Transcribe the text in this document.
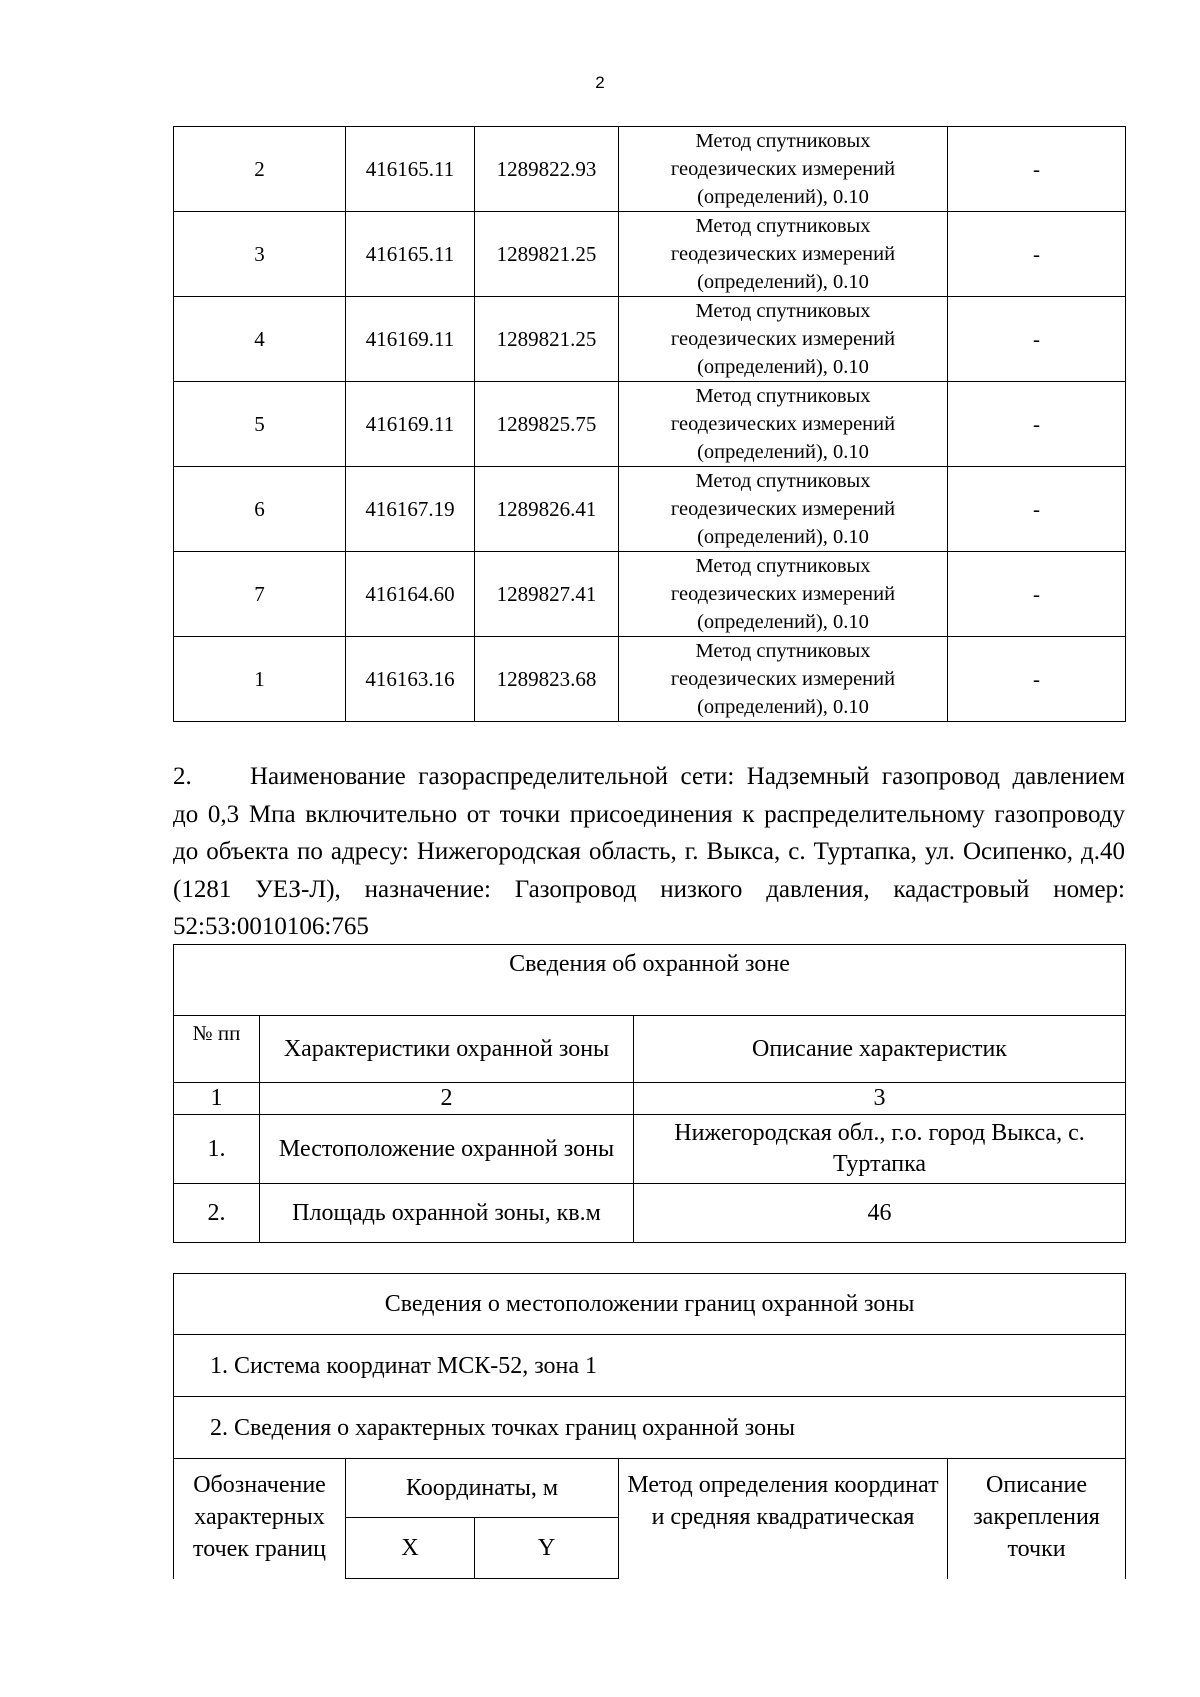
2
2	416165.11	1289822.93	Метод спутниковых
геодезических измерений
(определений), 0.10	-
3	416165.11	1289821.25	Метод спутниковых
геодезических измерений
(определений), 0.10	-
4	416169.11	1289821.25	Метод спутниковых
геодезических измерений
(определений), 0.10	-
5	416169.11	1289825.75	Метод спутниковых
геодезических измерений
(определений), 0.10	-
6	416167.19	1289826.41	Метод спутниковых
геодезических измерений
(определений), 0.10	-
7	416164.60	1289827.41	Метод спутниковых
геодезических измерений
(определений), 0.10	-
1	416163.16	1289823.68	Метод спутниковых
геодезических измерений
(определений), 0.10	-
2. Наименование газораспределительной сети: Надземный газопровод давлением до 0,3 Мпа включительно от точки присоединения к распределительному газопроводу до объекта по адресу: Нижегородская область, г. Выкса, с. Туртапка, ул. Осипенко, д.40 (1281 УЕЗ-Л), назначение: Газопровод низкого давления, кадастровый номер: 52:53:0010106:765
Сведения об охранной зоне		
№ пп	Характеристики охранной зоны	Описание характеристик
1	2	3
1.	Местоположение охранной зоны	Нижегородская обл., г.о. город Выкса, с. Туртапка
2.	Площадь охранной зоны, кв.м	46
Сведения о местоположении границ охранной зоны				
1. Система координат МСК-52, зона 1				
2. Сведения о характерных точках границ охранной зоны				
Обозначение характерных точек границ	Координаты, м		Метод определения координат и средняя квадратическая	Описание закрепления точки
	X	Y		
